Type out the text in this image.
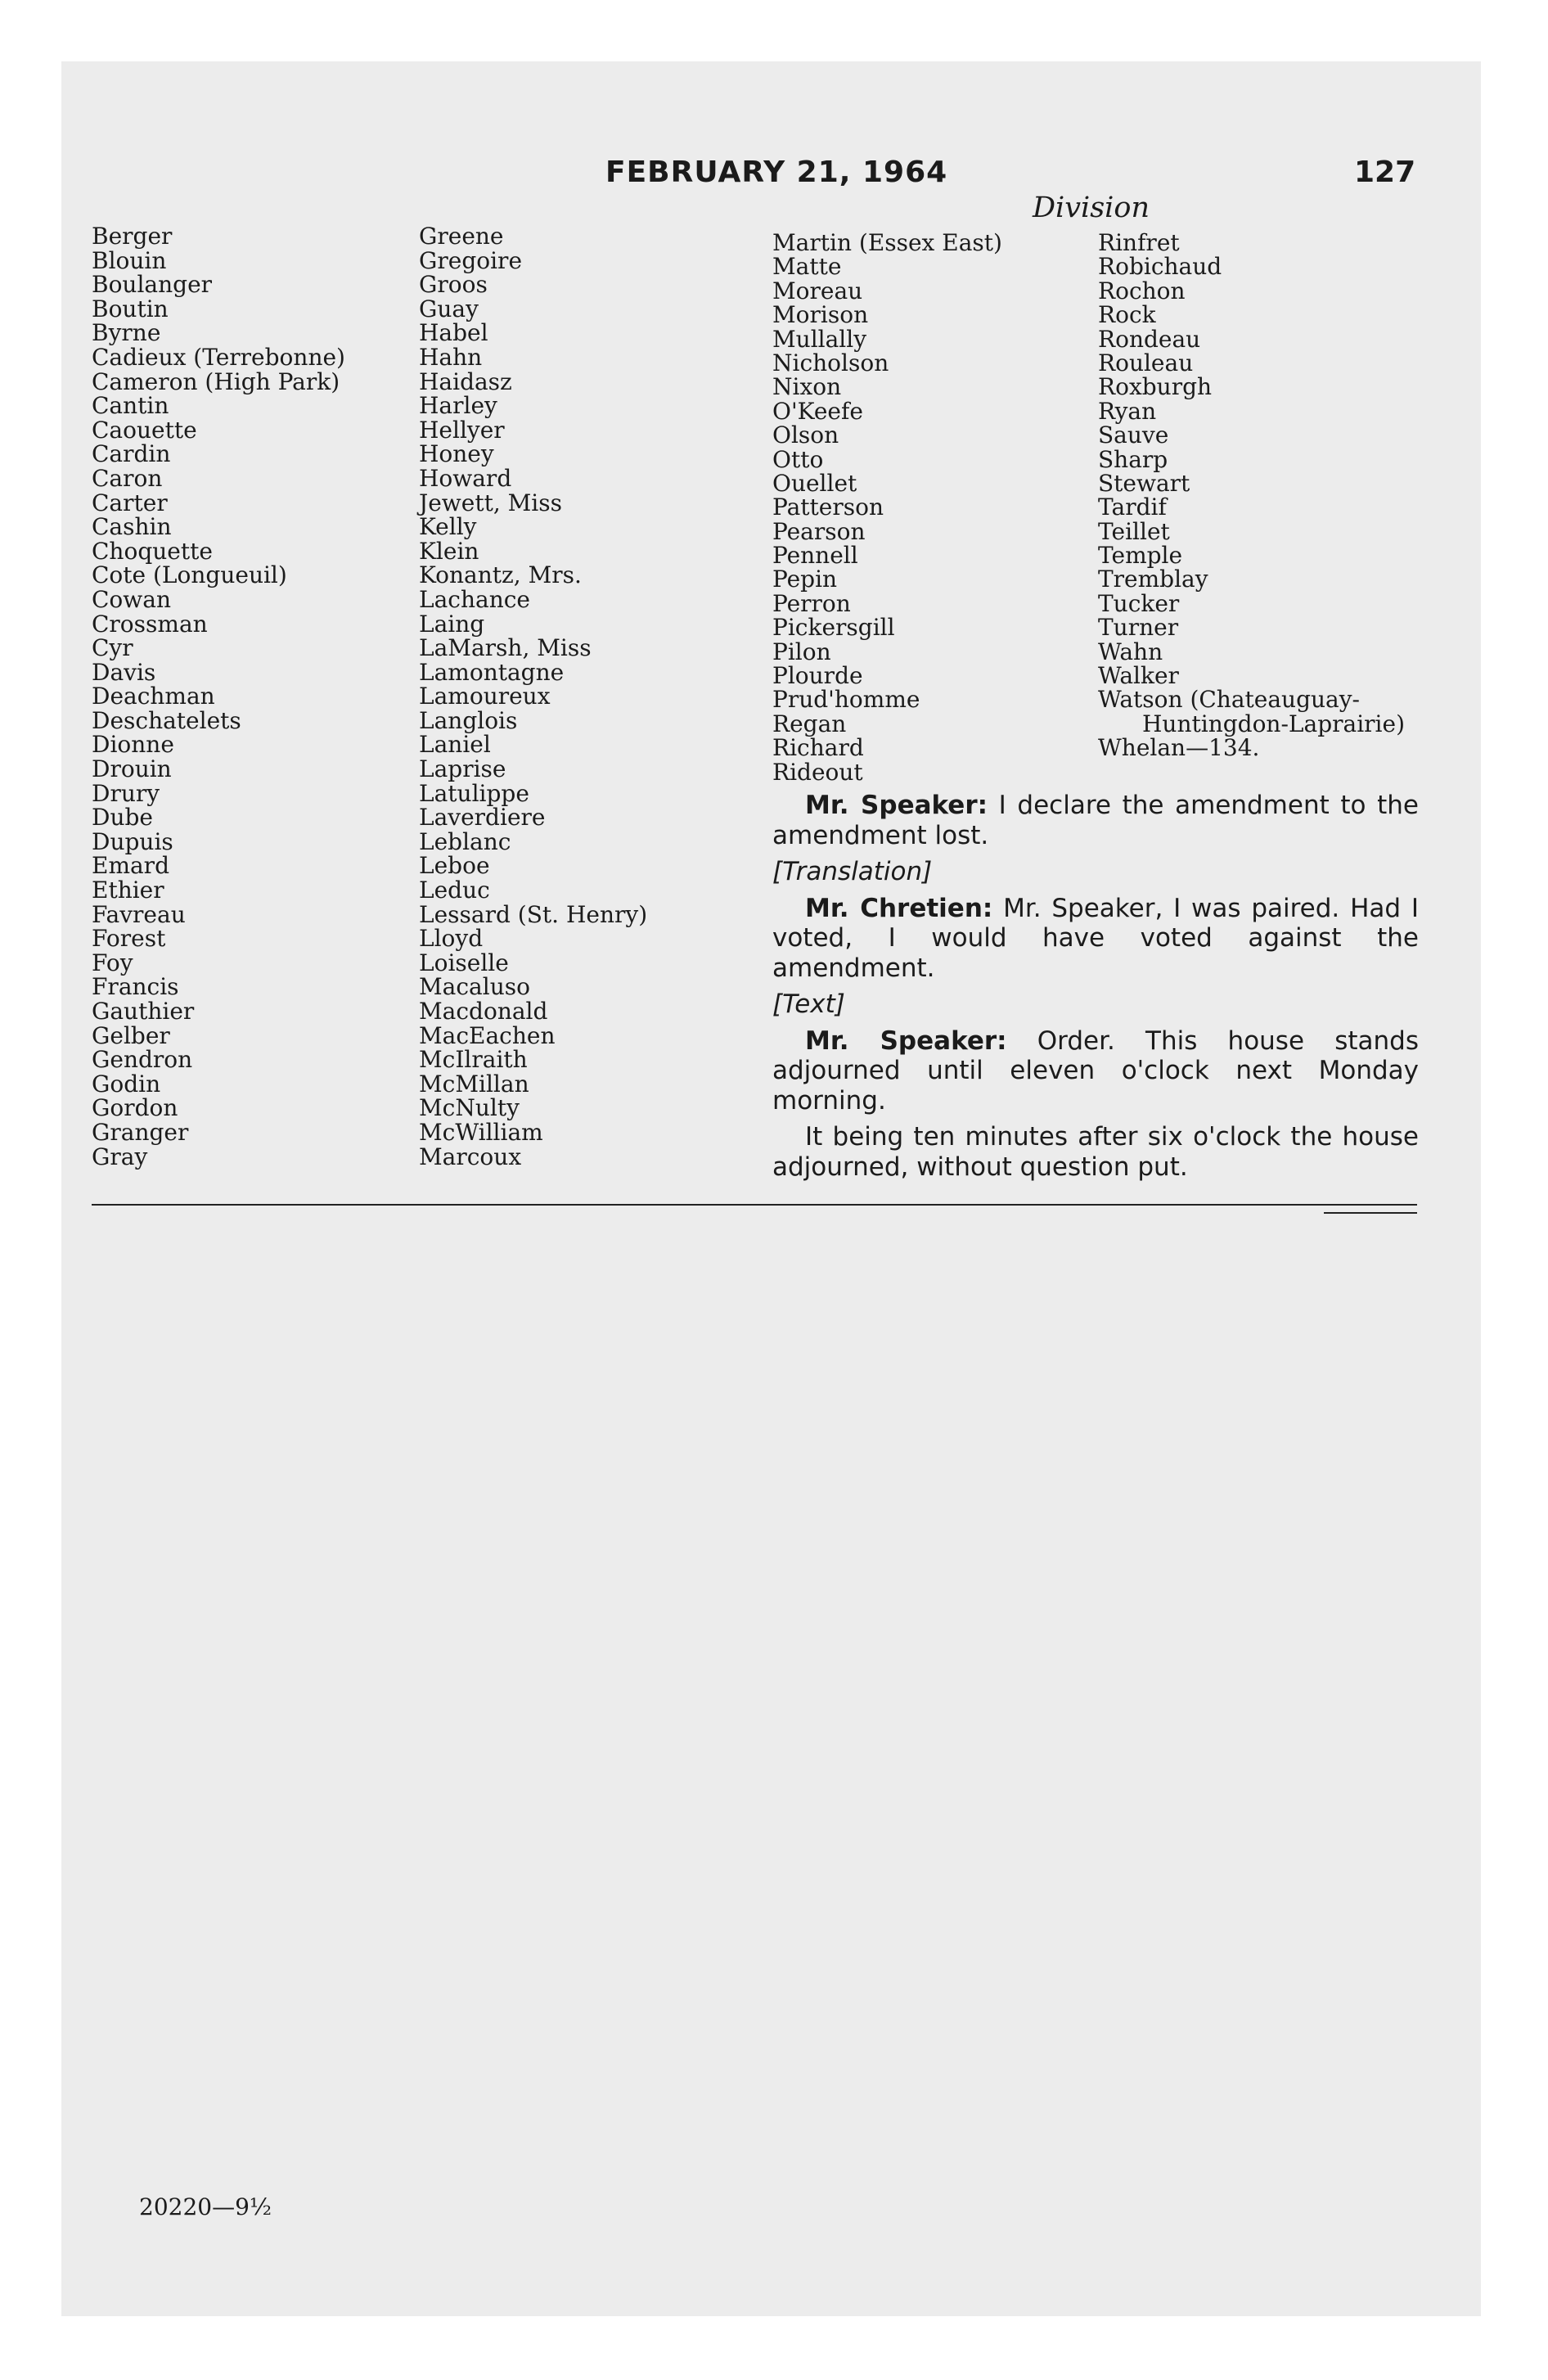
FEBRUARY 21, 1964	127
Division
Berger
Blouin
Boulanger
Boutin
Byrne
Cadieux (Terrebonne)
Cameron (High Park)
Cantin
Caouette
Cardin
Caron
Carter
Cashin
Choquette
Cote (Longueuil)
Cowan
Crossman
Cyr
Davis
Deachman
Deschatelets
Dionne
Drouin
Drury
Dube
Dupuis
Emard
Ethier
Favreau
Forest
Foy
Francis
Gauthier
Gelber
Gendron
Godin
Gordon
Granger
Gray
Greene
Gregoire
Groos
Guay
Habel
Hahn
Haidasz
Harley
Hellyer
Honey
Howard
Jewett, Miss
Kelly
Klein
Konantz, Mrs.
Lachance
Laing
LaMarsh, Miss
Lamontagne
Lamoureux
Langlois
Laniel
Laprise
Latulippe
Laverdiere
Leblanc
Leboe
Leduc
Lessard (St. Henry)
Lloyd
Loiselle
Macaluso
Macdonald
MacEachen
McIlraith
McMillan
McNulty
McWilliam
Marcoux
Martin (Essex East)
Matte
Moreau
Morison
Mullally
Nicholson
Nixon
O'Keefe
Olson
Otto
Ouellet
Patterson
Pearson
Pennell
Pepin
Perron
Pickersgill
Pilon
Plourde
Prud'homme
Regan
Richard
Rideout
Rinfret
Robichaud
Rochon
Rock
Rondeau
Rouleau
Roxburgh
Ryan
Sauve
Sharp
Stewart
Tardif
Teillet
Temple
Tremblay
Tucker
Turner
Wahn
Walker
Watson (Chateauguay-
Huntingdon-Laprairie)
Whelan—134.

Mr. Speaker: I declare the amendment to the amendment lost.

[Translation]

Mr. Chretien: Mr. Speaker, I was paired. Had I voted, I would have voted against the amendment.

[Text]

Mr. Speaker: Order. This house stands adjourned until eleven o'clock next Monday morning.

It being ten minutes after six o'clock the house adjourned, without question put.

20220—9½
